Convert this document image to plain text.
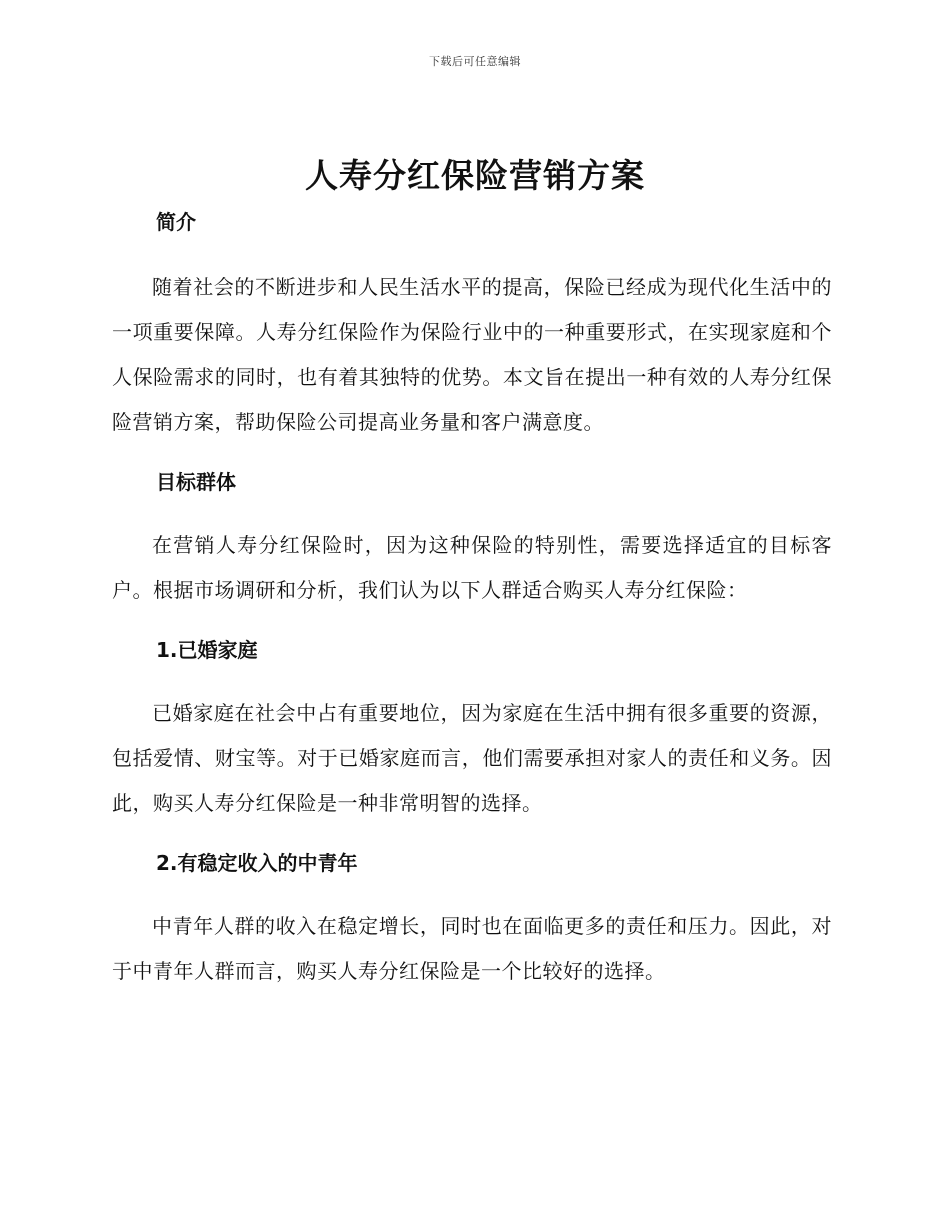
下载后可任意编辑
人寿分红保险营销方案
简介

随着社会的不断进步和人民生活水平的提高，保险已经成为现代化生活中的一项重要保障。人寿分红保险作为保险行业中的一种重要形式，在实现家庭和个人保险需求的同时，也有着其独特的优势。本文旨在提出一种有效的人寿分红保险营销方案，帮助保险公司提高业务量和客户满意度。

目标群体

在营销人寿分红保险时，因为这种保险的特别性，需要选择适宜的目标客户。根据市场调研和分析，我们认为以下人群适合购买人寿分红保险：

1.已婚家庭

已婚家庭在社会中占有重要地位，因为家庭在生活中拥有很多重要的资源，包括爱情、财宝等。对于已婚家庭而言，他们需要承担对家人的责任和义务。因此，购买人寿分红保险是一种非常明智的选择。

2.有稳定收入的中青年

中青年人群的收入在稳定增长，同时也在面临更多的责任和压力。因此，对于中青年人群而言，购买人寿分红保险是一个比较好的选择。
